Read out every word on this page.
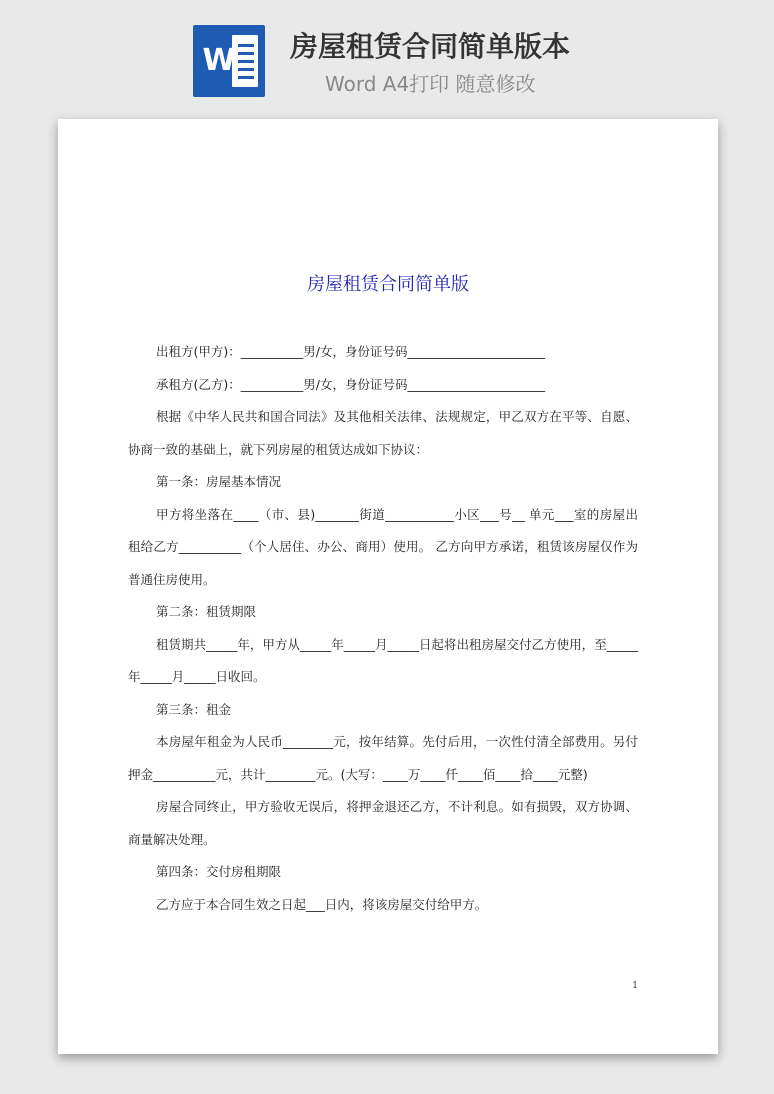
W 房屋租赁合同简单版本
Word A4打印 随意修改
房屋租赁合同简单版

出租方(甲方)：__________男/女，身份证号码______________________

承租方(乙方)：__________男/女，身份证号码______________________

根据《中华人民共和国合同法》及其他相关法律、法规规定，甲乙双方在平等、自愿、协商一致的基础上，就下列房屋的租赁达成如下协议：

第一条：房屋基本情况

甲方将坐落在____（市、县)_______街道___________小区___号__ 单元___室的房屋出租给乙方__________（个人居住、办公、商用）使用。 乙方向甲方承诺，租赁该房屋仅作为普通住房使用。

第二条：租赁期限

租赁期共_____年，甲方从_____年_____月_____日起将出租房屋交付乙方使用，至_____年_____月_____日收回。

第三条：租金

本房屋年租金为人民币________元，按年结算。先付后用，一次性付清全部费用。另付押金__________元，共计________元。(大写：____万____仟____佰____拾____元整)

房屋合同终止，甲方验收无误后，将押金退还乙方，不计利息。如有损毁，双方协调、商量解决处理。

第四条：交付房租期限

乙方应于本合同生效之日起___日内，将该房屋交付给甲方。

1
